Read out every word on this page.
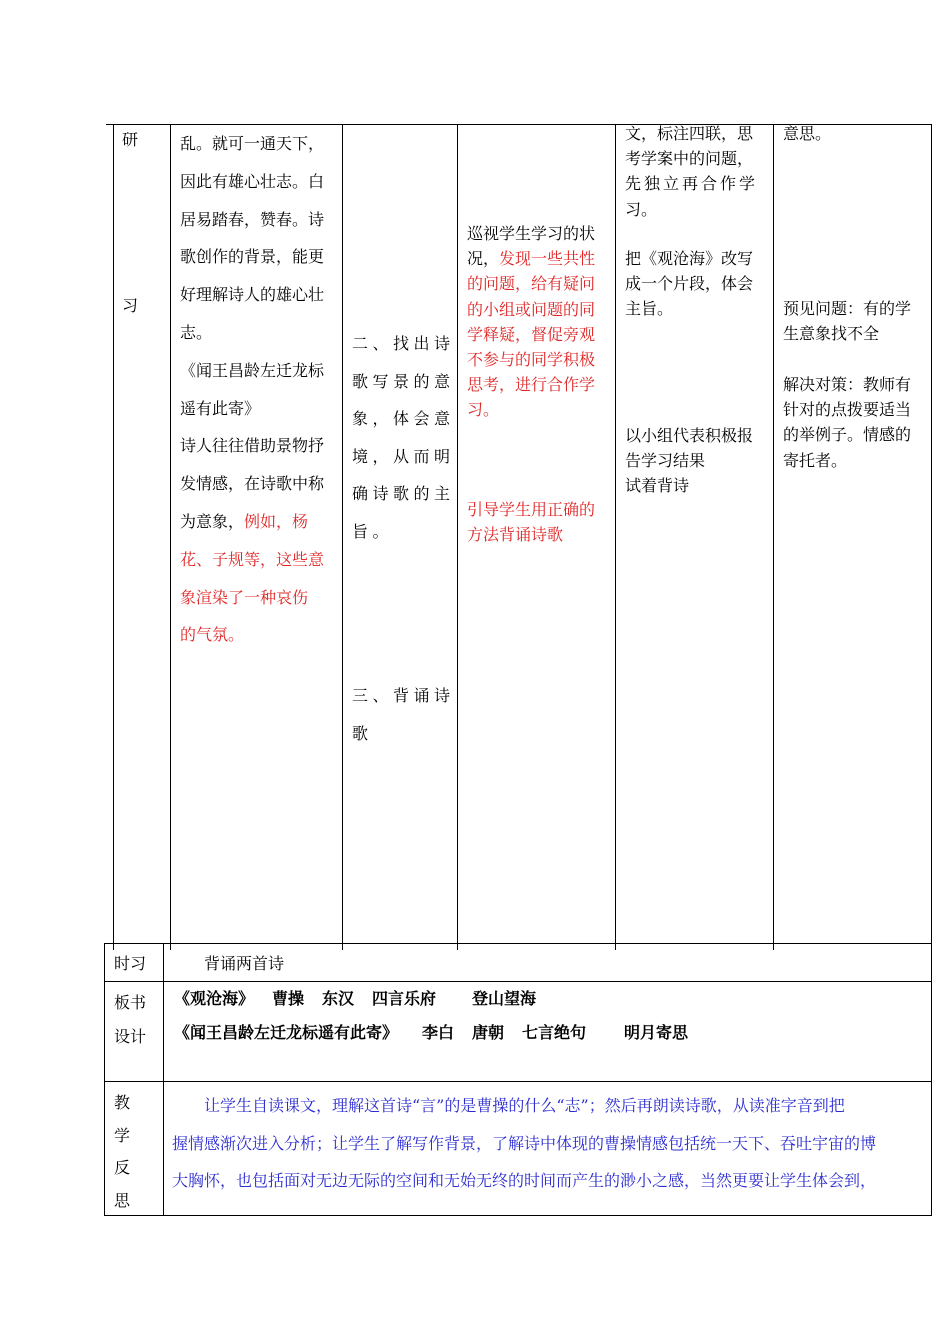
研
习

乱。就可一通天下，

因此有雄心壮志。白

居易踏春，赞春。诗

歌创作的背景，能更

好理解诗人的雄心壮

志。

《闻王昌龄左迁龙标

遥有此寄》

诗人往往借助景物抒

发情感，在诗歌中称

为意象，例如，杨

花、子规等，这些意

象渲染了一种哀伤

的气氛。

二、找出诗

歌写景的意

象，体会意

境，从而明

确诗歌的主

旨。

三、背诵诗

歌

巡视学生学习的状

况，发现一些共性

的问题，给有疑问

的小组或问题的同

学释疑，督促旁观

不参与的同学积极

思考，进行合作学

习。

引导学生用正确的

方法背诵诗歌

文，标注四联，思

考学案中的问题，

先独立再合作学

习。

把《观沧海》改写

成一个片段，体会

主旨。

以小组代表积极报

告学习结果

试着背诗

意思。

预见问题：有的学

生意象找不全

解决对策：教师有

针对的点拨要适当

的举例子。情感的

寄托者。

时习	背诵两首诗

板书

设计

《观沧海》 曹操 东汉 四言乐府 登山望海
《闻王昌龄左迁龙标遥有此寄》 李白 唐朝 七言绝句 明月寄思

教

学

反

思

让学生自读课文，理解这首诗“言”的是曹操的什么“志”；然后再朗读诗歌，从读准字音到把

握情感渐次进入分析；让学生了解写作背景，了解诗中体现的曹操情感包括统一天下、吞吐宇宙的博

大胸怀，也包括面对无边无际的空间和无始无终的时间而产生的渺小之感，当然更要让学生体会到，
